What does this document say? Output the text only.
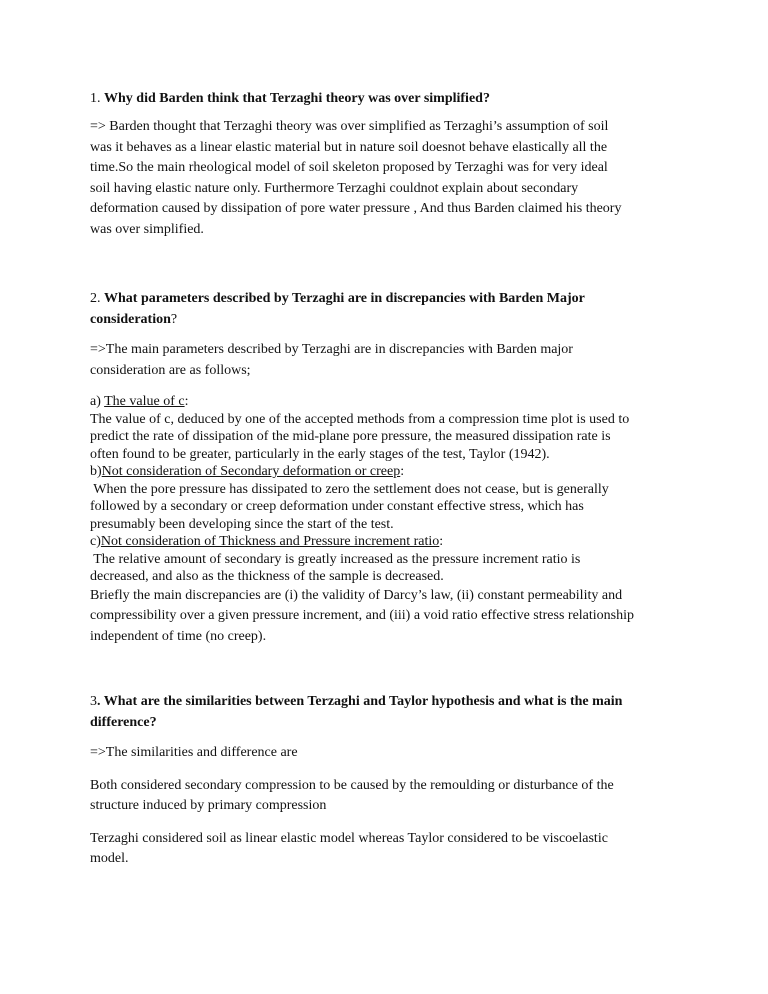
1. Why did Barden think that Terzaghi theory was over simplified?

=> Barden thought that Terzaghi theory was over simplified as Terzaghi’s assumption of soil

was it behaves as a linear elastic material but in nature soil doesnot behave elastically all the

time.So the main rheological model of soil skeleton proposed by Terzaghi was for very ideal

soil having elastic nature only. Furthermore Terzaghi couldnot explain about secondary

deformation caused by dissipation of pore water pressure , And thus Barden claimed his theory

was over simplified.

2. What parameters described by Terzaghi are in discrepancies with Barden Major

consideration?

=>The main parameters described by Terzaghi are in discrepancies with Barden major

consideration are as follows;

a) The value of c:

The value of c, deduced by one of the accepted methods from a compression time plot is used to

predict the rate of dissipation of the mid-plane pore pressure, the measured dissipation rate is

often found to be greater, particularly in the early stages of the test, Taylor (1942).

b)Not consideration of Secondary deformation or creep:

When the pore pressure has dissipated to zero the settlement does not cease, but is generally

followed by a secondary or creep deformation under constant effective stress, which has

presumably been developing since the start of the test.

c)Not consideration of Thickness and Pressure increment ratio:

The relative amount of secondary is greatly increased as the pressure increment ratio is

decreased, and also as the thickness of the sample is decreased.

Briefly the main discrepancies are (i) the validity of Darcy’s law, (ii) constant permeability and

compressibility over a given pressure increment, and (iii) a void ratio effective stress relationship

independent of time (no creep).

3. What are the similarities between Terzaghi and Taylor hypothesis and what is the main

difference?

=>The similarities and difference are

Both considered secondary compression to be caused by the remoulding or disturbance of the

structure induced by primary compression

Terzaghi considered soil as linear elastic model whereas Taylor considered to be viscoelastic

model.
